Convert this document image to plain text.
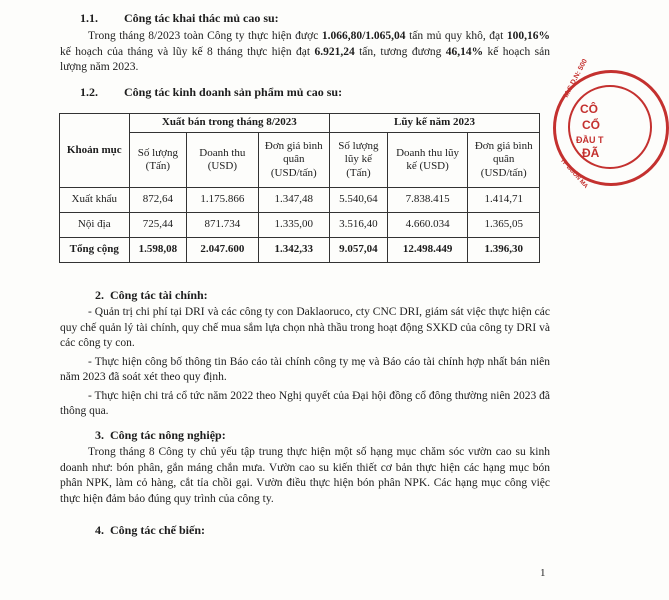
1.1. Công tác khai thác mủ cao su:

Trong tháng 8/2023 toàn Công ty thực hiện được 1.066,80/1.065,04 tấn mủ quy khô, đạt 100,16% kế hoạch của tháng và lũy kế 8 tháng thực hiện đạt 6.921,24 tấn, tương đương 46,14% kế hoạch sản lượng năm 2023.

1.2. Công tác kinh doanh sản phẩm mủ cao su:
Khoản mục	Xuất bán trong tháng 8/2023			Lũy kế năm 2023		
	Số lượng (Tấn)	Doanh thu (USD)	Đơn giá bình quân (USD/tấn)	Số lượng lũy kế (Tấn)	Doanh thu lũy kế (USD)	Đơn giá bình quân (USD/tấn)
Xuất khẩu	872,64	1.175.866	1.347,48	5.540,64	7.838.415	1.414,71
Nội địa	725,44	871.734	1.335,00	3.516,40	4.660.034	1.365,05
Tổng cộng	1.598,08	2.047.600	1.342,33	9.057,04	12.498.449	1.396,30
2. Công tác tài chính:

- Quản trị chi phí tại DRI và các công ty con Daklaoruco, cty CNC DRI, giám sát việc thực hiện các quy chế quản lý tài chính, quy chế mua sắm lựa chọn nhà thầu trong hoạt động SXKD của công ty DRI và các công ty con.

- Thực hiện công bố thông tin Báo cáo tài chính công ty mẹ và Báo cáo tài chính hợp nhất bán niên năm 2023 đã soát xét theo quy định.

- Thực hiện chi trả cổ tức năm 2022 theo Nghị quyết của Đại hội đồng cổ đông thường niên 2023 đã thông qua.

3. Công tác nông nghiệp:

Trong tháng 8 Công ty chủ yếu tập trung thực hiện một số hạng mục chăm sóc vườn cao su kinh doanh như: bón phân, gắn máng chắn mưa. Vườn cao su kiến thiết cơ bản thực hiện các hạng mục bón phân NPK, làm cỏ hàng, cắt tỉa chồi gại. Vườn điều thực hiện bón phân NPK. Các hạng mục công việc thực hiện đảm bảo đúng quy trình của công ty.

4. Công tác chế biến:
1
M.S.D.N: 500
CÔ
CỔ
ĐẦU T
ĐÃ
TP BUÔN MA
